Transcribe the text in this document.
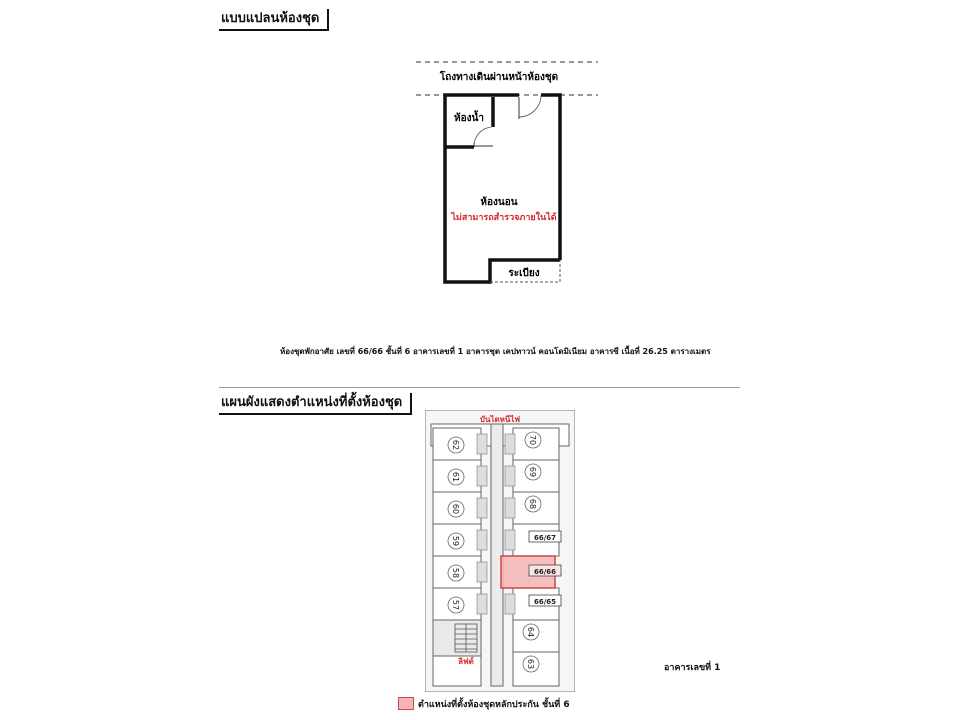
แบบแปลนห้องชุด
โถงทางเดินผ่านหน้าห้องชุด
ห้องน้ำ
ห้องนอน
ไม่สามารถสำรวจภายในได้
ระเบียง
ห้องชุดพักอาศัย เลขที่ 66/66 ชั้นที่ 6 อาคารเลขที่ 1 อาคารชุด เคปทาวน์ คอนโดมิเนียม อาคารซี เนื้อที่ 26.25 ตารางเมตร
แผนผังแสดงตำแหน่งที่ตั้งห้องชุด
บันไดหนีไฟ
62
61
60
59
58
57
70
69
68
66/67
66/66
66/65
64
63
ลิฟต์
อาคารเลขที่ 1
ตำแหน่งที่ตั้งห้องชุดหลักประกัน ชั้นที่ 6
